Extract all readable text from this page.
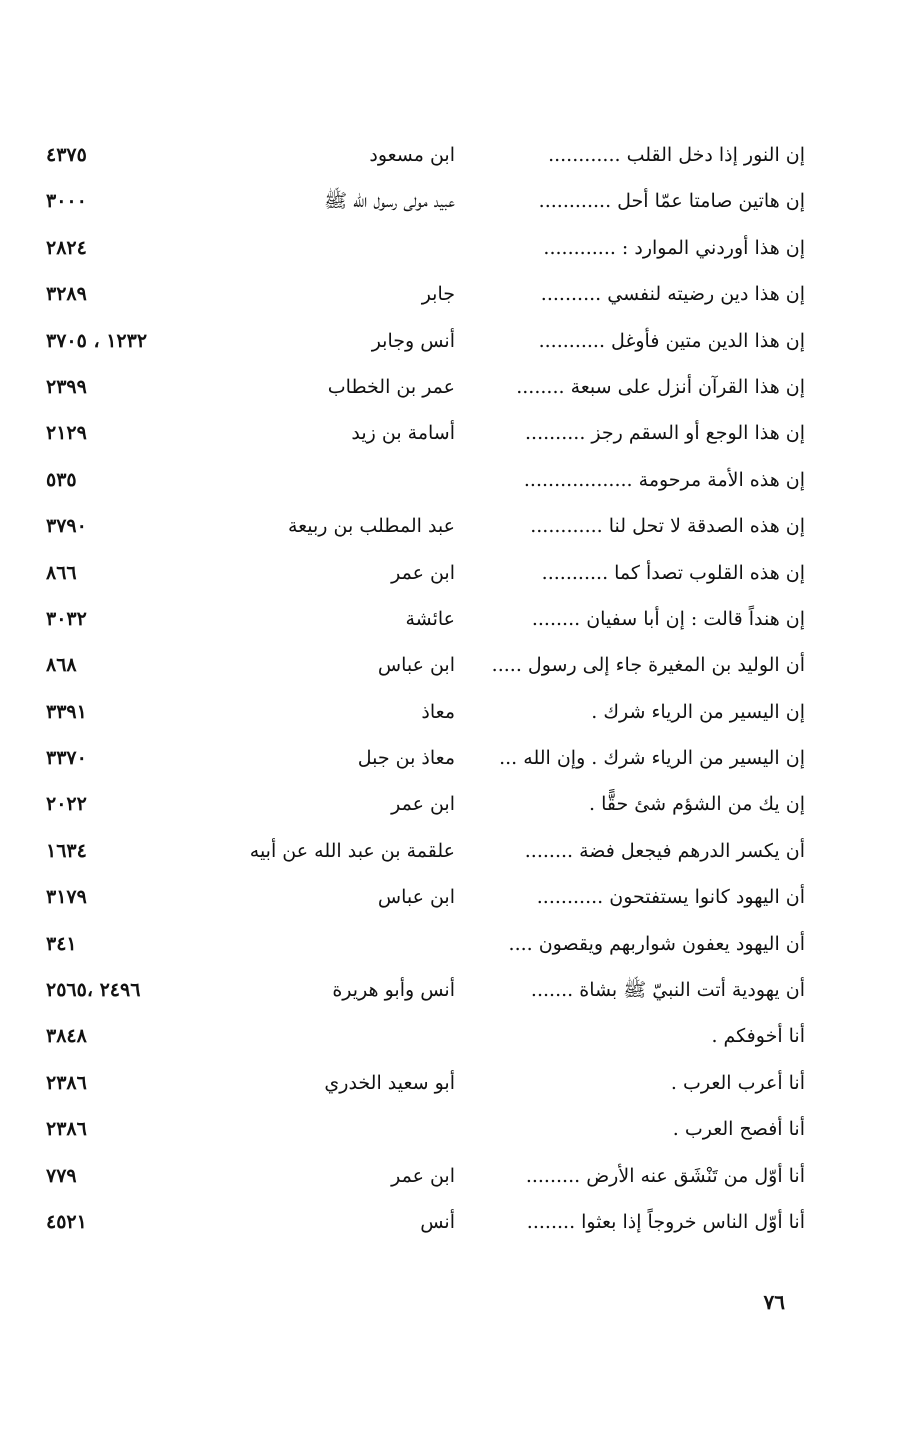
إن النور إذا دخل القلب ............
ابن مسعود
٤٣٧٥
إن هاتين صامتا عمّا أحل ............
عبيد مولى رسول الله ﷺ
٣٠٠٠
إن هذا أوردني الموارد : ............
٢٨٢٤
إن هذا دين رضيته لنفسي ..........
جابر
٣٢٨٩
إن هذا الدين متين فأوغل ...........
أنس وجابر
١٢٣٢ ، ٣٧٠٥
إن هذا القرآن أنزل على سبعة ........
عمر بن الخطاب
٢٣٩٩
إن هذا الوجع أو السقم رجز ..........
أسامة بن زيد
٢١٢٩
إن هذه الأمة مرحومة ..................
٥٣٥
إن هذه الصدقة لا تحل لنا ............
عبد المطلب بن ربيعة
٣٧٩٠
إن هذه القلوب تصدأ كما ...........
ابن عمر
٨٦٦
إن هنداً قالت : إن أبا سفيان ........
عائشة
٣٠٣٢
أن الوليد بن المغيرة جاء إلى رسول .....
ابن عباس
٨٦٨
إن اليسير من الرياء شرك .
معاذ
٣٣٩١
إن اليسير من الرياء شرك . وإن الله ...
معاذ بن جبل
٣٣٧٠
إن يك من الشؤم شئ حقًّا .
ابن عمر
٢٠٢٢
أن يكسر الدرهم فيجعل فضة ........
علقمة بن عبد الله عن أبيه
١٦٣٤
أن اليهود كانوا يستفتحون ...........
ابن عباس
٣١٧٩
أن اليهود يعفون شواربهم ويقصون ....
٣٤١
أن يهودية أتت النبيّ ﷺ بشاة .......
أنس وأبو هريرة
٢٤٩٦ ،٢٥٦٥
أنا أخوفكم .
٣٨٤٨
أنا أعرب العرب .
أبو سعيد الخدري
٢٣٨٦
أنا أفصح العرب .
٢٣٨٦
أنا أوّل من تَنْشَق عنه الأرض .........
ابن عمر
٧٧٩
أنا أوّل الناس خروجاً إذا بعثوا ........
أنس
٤٥٢١
٧٦
